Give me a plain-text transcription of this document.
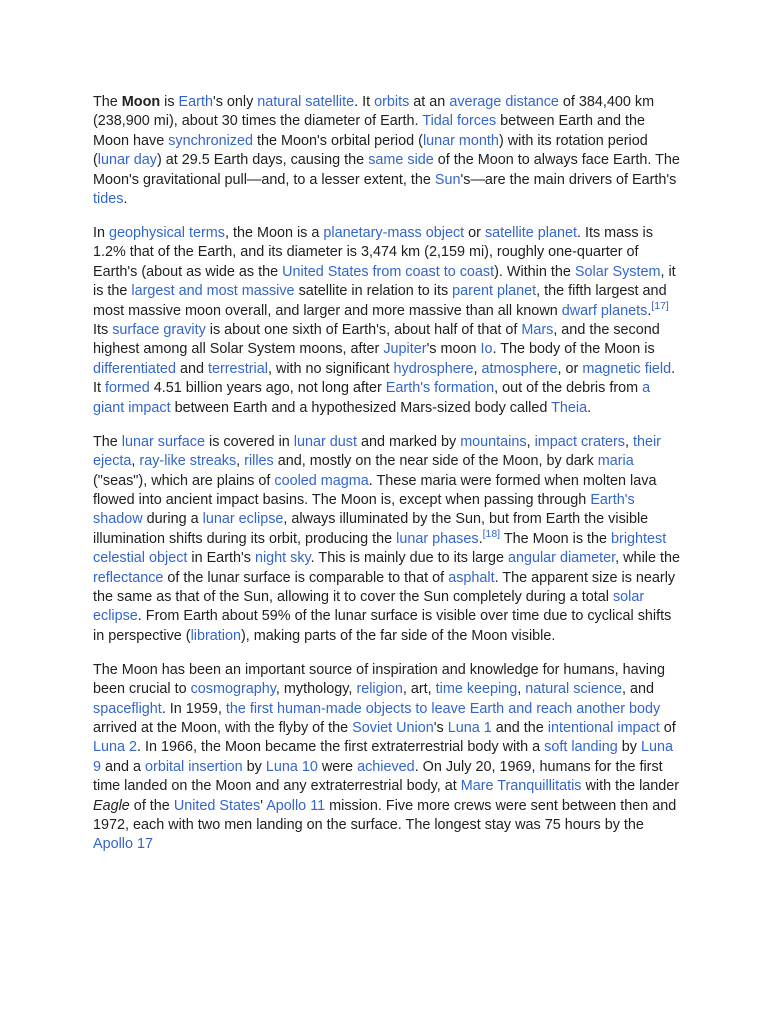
The Moon is Earth's only natural satellite. It orbits at an average distance of 384,400 km (238,900 mi), about 30 times the diameter of Earth. Tidal forces between Earth and the Moon have synchronized the Moon's orbital period (lunar month) with its rotation period (lunar day) at 29.5 Earth days, causing the same side of the Moon to always face Earth. The Moon's gravitational pull—and, to a lesser extent, the Sun's—are the main drivers of Earth's tides.

In geophysical terms, the Moon is a planetary-mass object or satellite planet. Its mass is 1.2% that of the Earth, and its diameter is 3,474 km (2,159 mi), roughly one-quarter of Earth's (about as wide as the United States from coast to coast). Within the Solar System, it is the largest and most massive satellite in relation to its parent planet, the fifth largest and most massive moon overall, and larger and more massive than all known dwarf planets.[17] Its surface gravity is about one sixth of Earth's, about half of that of Mars, and the second highest among all Solar System moons, after Jupiter's moon Io. The body of the Moon is differentiated and terrestrial, with no significant hydrosphere, atmosphere, or magnetic field. It formed 4.51 billion years ago, not long after Earth's formation, out of the debris from a giant impact between Earth and a hypothesized Mars-sized body called Theia.

The lunar surface is covered in lunar dust and marked by mountains, impact craters, their ejecta, ray-like streaks, rilles and, mostly on the near side of the Moon, by dark maria ("seas"), which are plains of cooled magma. These maria were formed when molten lava flowed into ancient impact basins. The Moon is, except when passing through Earth's shadow during a lunar eclipse, always illuminated by the Sun, but from Earth the visible illumination shifts during its orbit, producing the lunar phases.[18] The Moon is the brightest celestial object in Earth's night sky. This is mainly due to its large angular diameter, while the reflectance of the lunar surface is comparable to that of asphalt. The apparent size is nearly the same as that of the Sun, allowing it to cover the Sun completely during a total solar eclipse. From Earth about 59% of the lunar surface is visible over time due to cyclical shifts in perspective (libration), making parts of the far side of the Moon visible.

The Moon has been an important source of inspiration and knowledge for humans, having been crucial to cosmography, mythology, religion, art, time keeping, natural science, and spaceflight. In 1959, the first human-made objects to leave Earth and reach another body arrived at the Moon, with the flyby of the Soviet Union's Luna 1 and the intentional impact of Luna 2. In 1966, the Moon became the first extraterrestrial body with a soft landing by Luna 9 and a orbital insertion by Luna 10 were achieved. On July 20, 1969, humans for the first time landed on the Moon and any extraterrestrial body, at Mare Tranquillitatis with the lander Eagle of the United States' Apollo 11 mission. Five more crews were sent between then and 1972, each with two men landing on the surface. The longest stay was 75 hours by the Apollo 17
